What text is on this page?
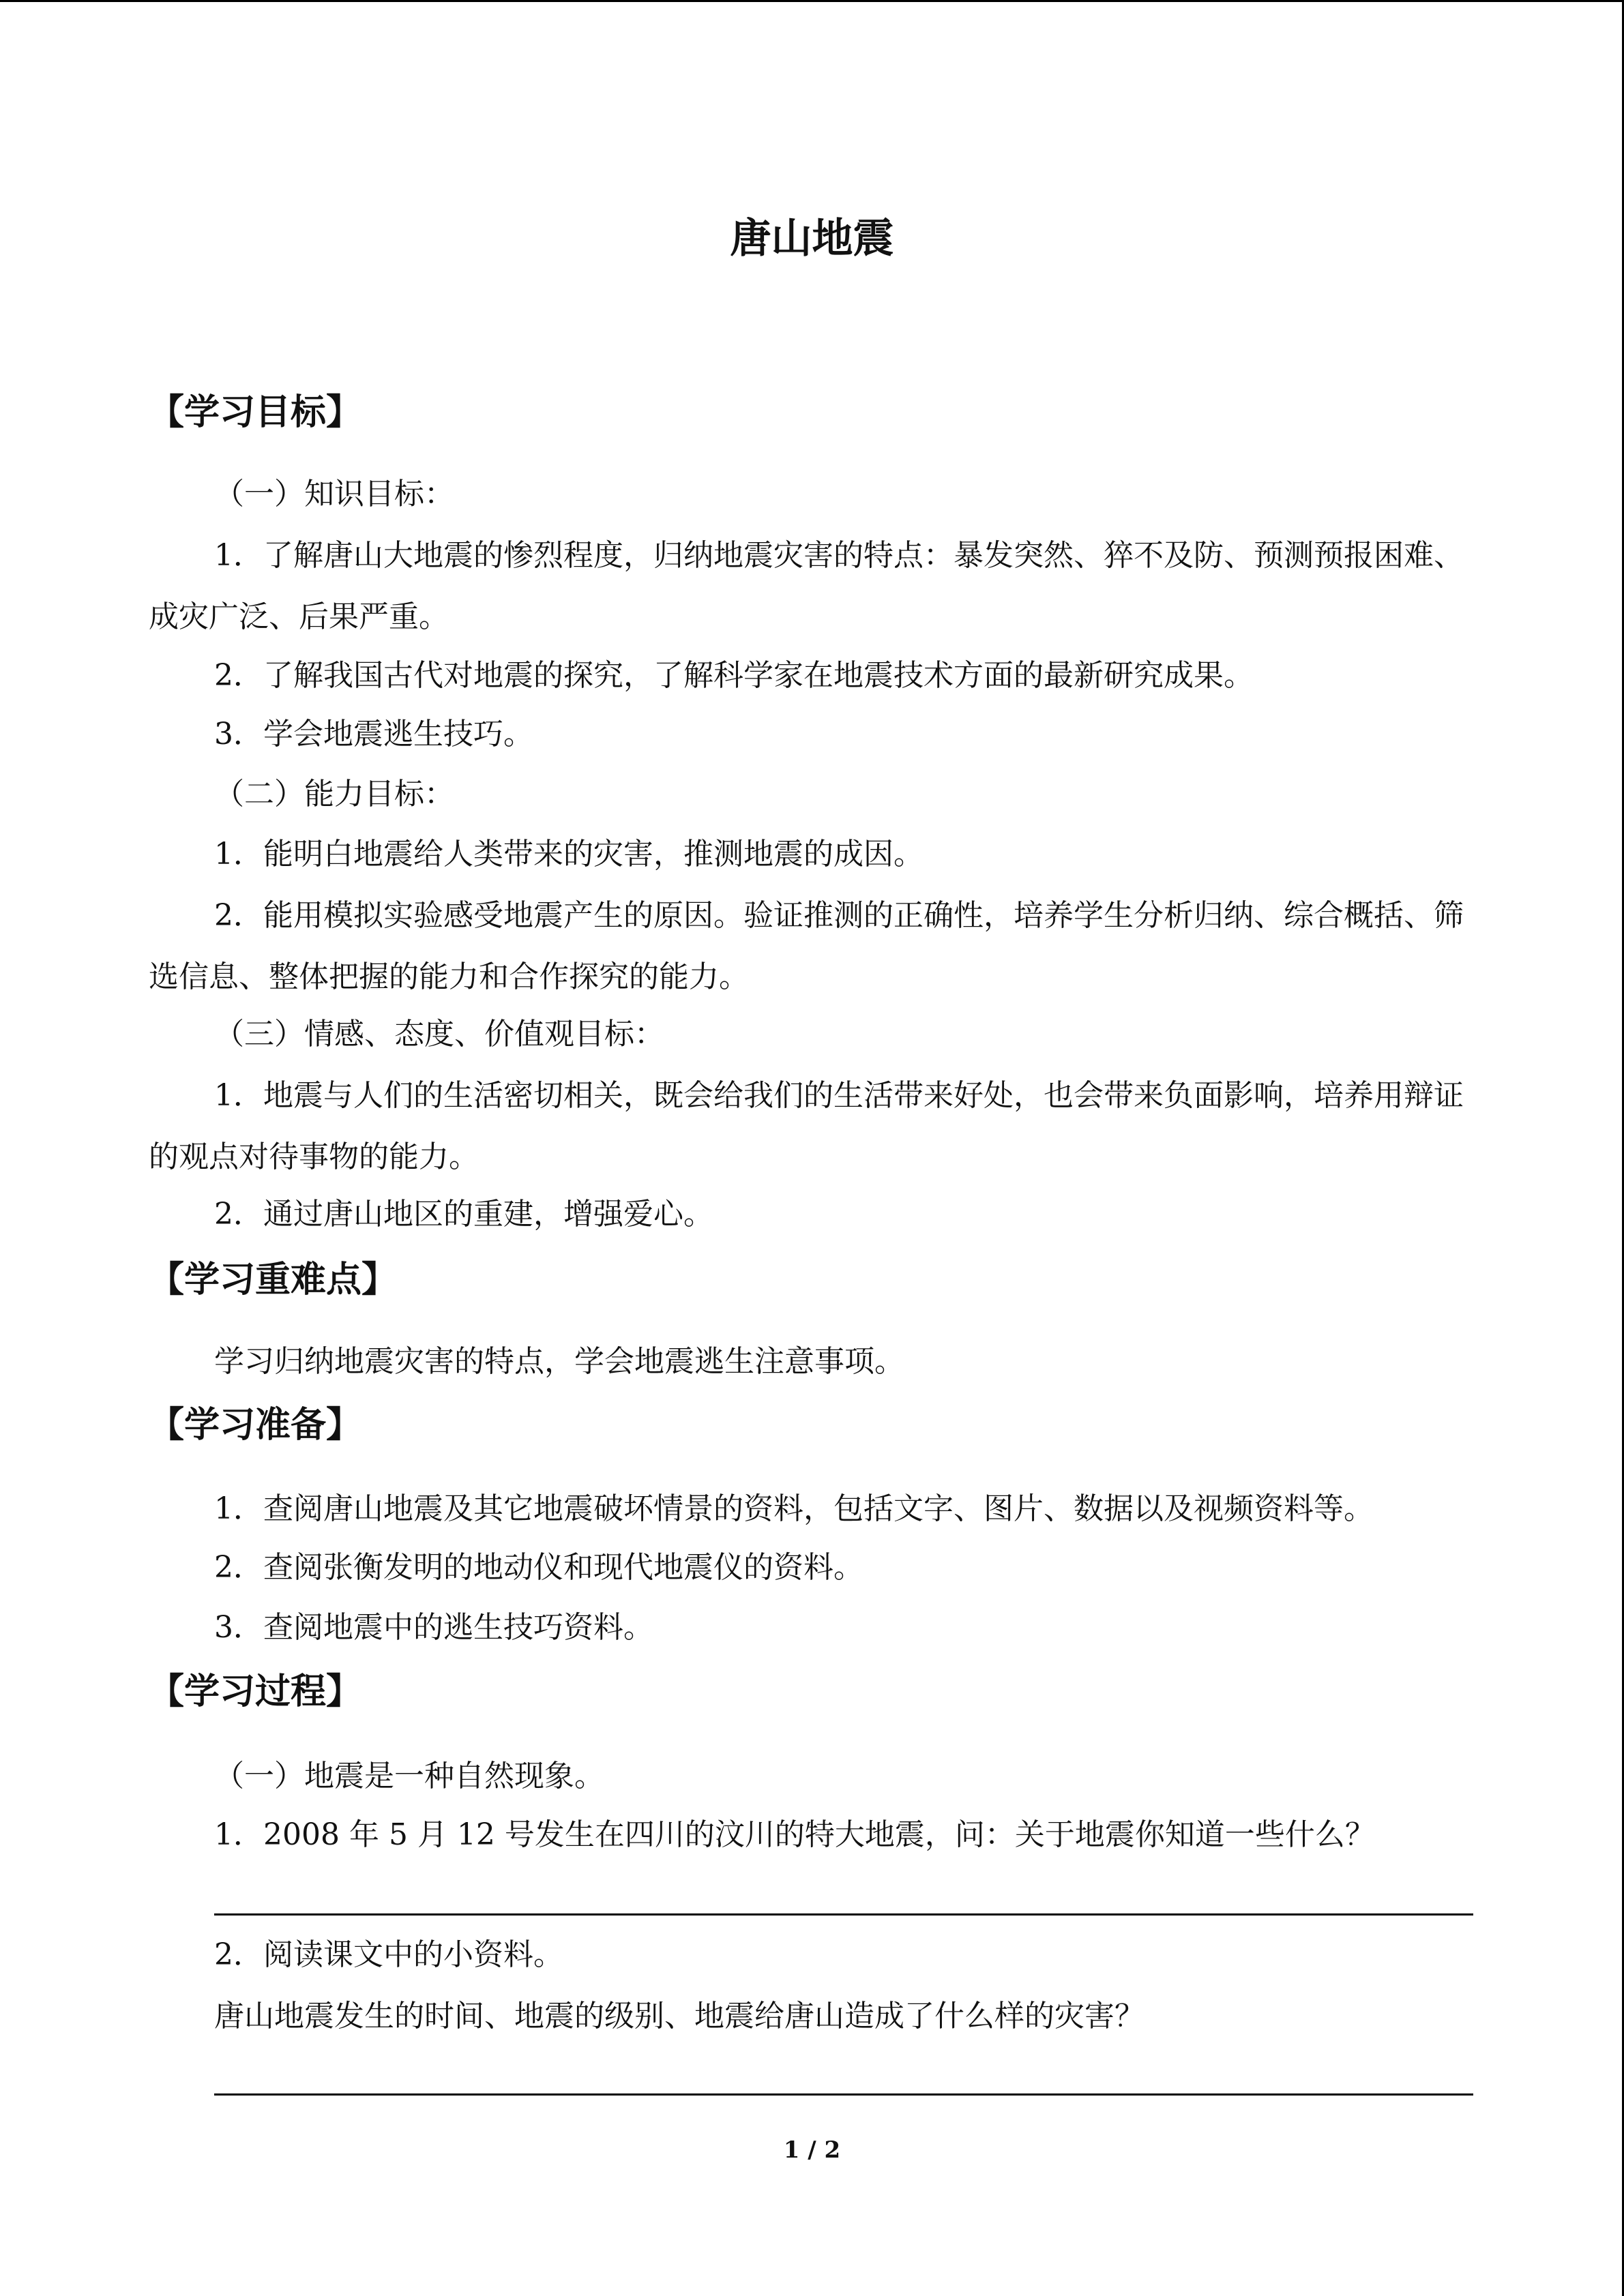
唐山地震
【学习目标】
（一）知识目标：
1．了解唐山大地震的惨烈程度，归纳地震灾害的特点：暴发突然、猝不及防、预测预报困难、成灾广泛、后果严重。
2．了解我国古代对地震的探究，了解科学家在地震技术方面的最新研究成果。
3．学会地震逃生技巧。
（二）能力目标：
1．能明白地震给人类带来的灾害，推测地震的成因。
2．能用模拟实验感受地震产生的原因。验证推测的正确性，培养学生分析归纳、综合概括、筛选信息、整体把握的能力和合作探究的能力。
（三）情感、态度、价值观目标：
1．地震与人们的生活密切相关，既会给我们的生活带来好处，也会带来负面影响，培养用辩证的观点对待事物的能力。
2．通过唐山地区的重建，增强爱心。
【学习重难点】
学习归纳地震灾害的特点，学会地震逃生注意事项。
【学习准备】
1．查阅唐山地震及其它地震破坏情景的资料，包括文字、图片、数据以及视频资料等。
2．查阅张衡发明的地动仪和现代地震仪的资料。
3．查阅地震中的逃生技巧资料。
【学习过程】
（一）地震是一种自然现象。
1．2008 年 5 月 12 号发生在四川的汶川的特大地震，问：关于地震你知道一些什么？
2．阅读课文中的小资料。
唐山地震发生的时间、地震的级别、地震给唐山造成了什么样的灾害？
1 / 2
